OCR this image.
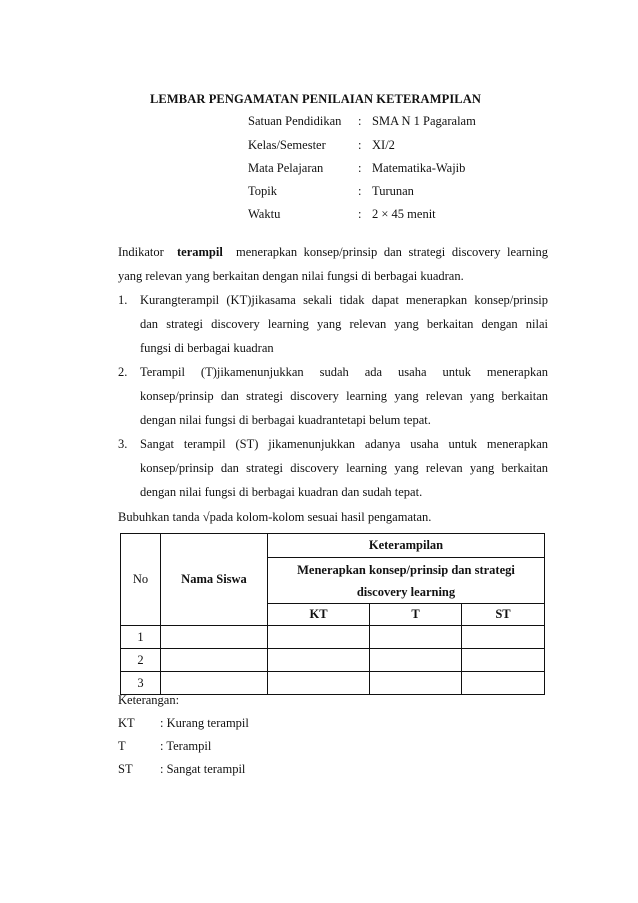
LEMBAR PENGAMATAN PENILAIAN KETERAMPILAN
Satuan Pendidikan : SMA N 1 Pagaralam
Kelas/Semester	: XI/2
Mata Pelajaran	: Matematika-Wajib
Topik	: Turunan
Waktu	: 2 × 45 menit
Indikator terampil menerapkan konsep/prinsip dan strategi discovery learning
yang relevan yang berkaitan dengan nilai fungsi di berbagai kuadran.
1.	Kurangterampil (KT)jikasama sekali tidak dapat menerapkan konsep/prinsip
dan strategi discovery learning yang relevan yang berkaitan dengan nilai
fungsi di berbagai kuadran
2.	Terampil (T)jikamenunjukkan sudah ada usaha untuk menerapkan
konsep/prinsip dan strategi discovery learning yang relevan yang berkaitan
dengan nilai fungsi di berbagai kuadrantetapi belum tepat.
3.	Sangat terampil (ST) jikamenunjukkan adanya usaha untuk menerapkan
konsep/prinsip dan strategi discovery learning yang relevan yang berkaitan
dengan nilai fungsi di berbagai kuadran dan sudah tepat.
Bubuhkan tanda √pada kolom-kolom sesuai hasil pengamatan.
No	Nama Siswa	Keterampilan		

		Menerapkan konsep/prinsip dan strategi
discovery learning		

		KT	T	ST
1				
2				
3				
Keterangan:
KT : Kurang terampil
T	: Terampil
ST : Sangat terampil
